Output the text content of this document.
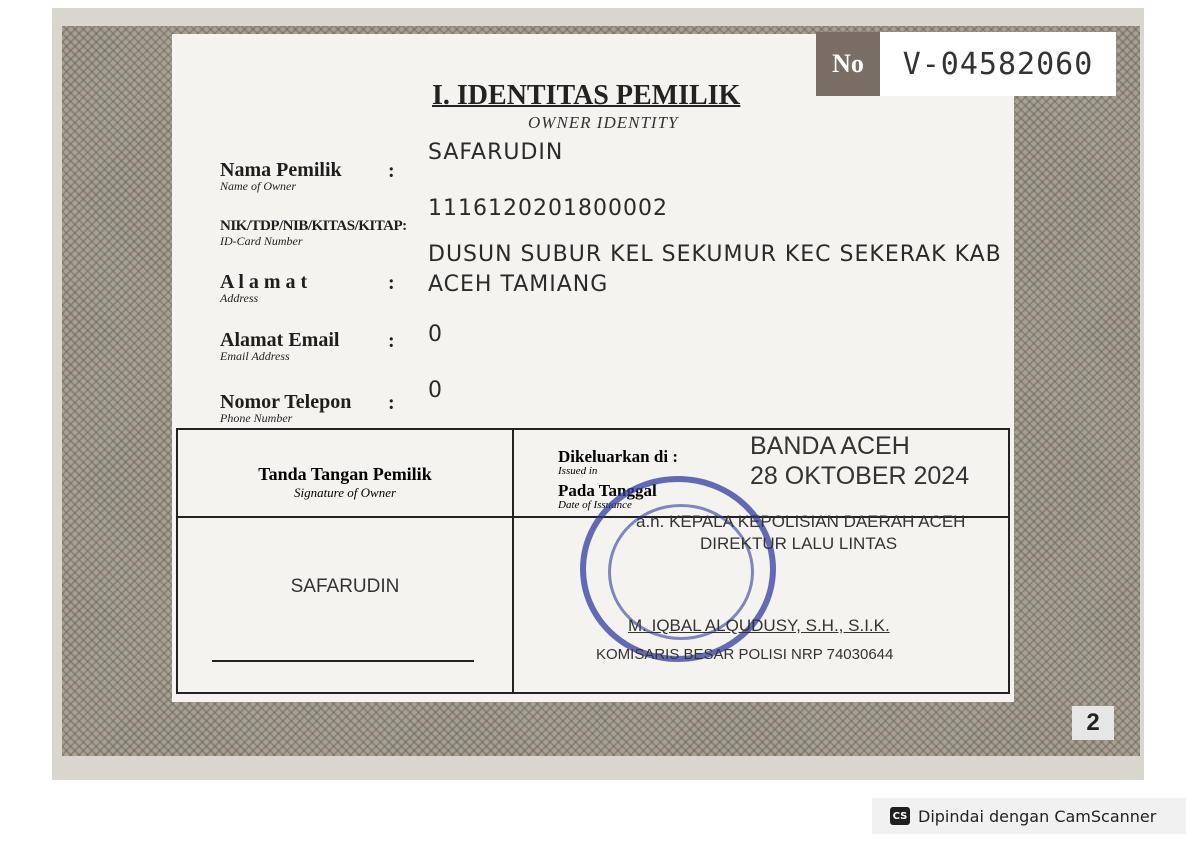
No	V-04582060
I. IDENTITAS PEMILIK
OWNER IDENTITY
Nama Pemilik
Name of Owner
:
SAFARUDIN
NIK/TDP/NIB/KITAS/KITAP:
ID-Card Number
1116120201800002
A l a m a t
Address
:
DUSUN SUBUR KEL SEKUMUR KEC SEKERAK KAB
ACEH TAMIANG
Alamat Email
Email Address
: 0
Nomor Telepon
Phone Number
: 0
Tanda Tangan Pemilik
Signature of Owner
SAFARUDIN
Dikeluarkan di :
Issued in
Pada Tanggal
Date of Issuance
BANDA ACEH
28 OKTOBER 2024
a.n. KEPALA KEPOLISIAN DAERAH ACEH
DIREKTUR LALU LINTAS
M. IQBAL ALQUDUSY, S.H., S.I.K.
KOMISARIS BESAR POLISI NRP 74030644
2
CS Dipindai dengan CamScanner
